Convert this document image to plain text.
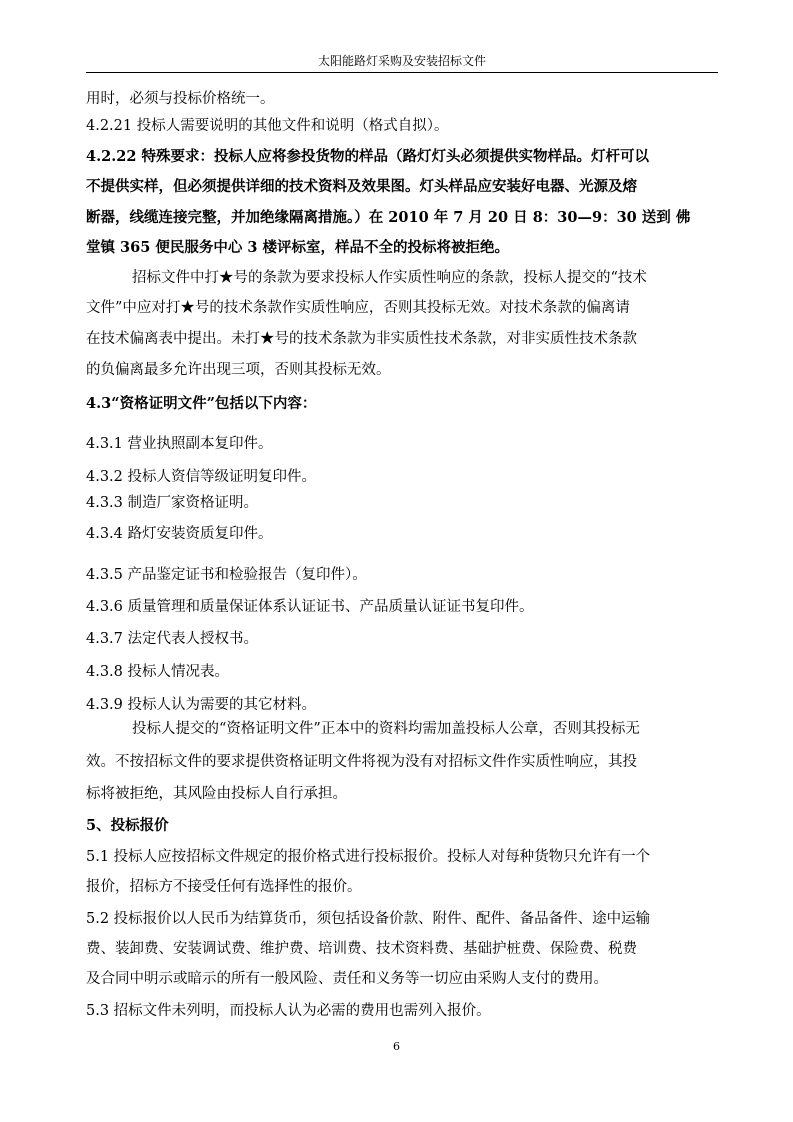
太阳能路灯采购及安装招标文件
用时，必须与投标价格统一。
4.2.21 投标人需要说明的其他文件和说明（格式自拟）。
4.2.22 特殊要求：投标人应将参投货物的样品（路灯灯头必须提供实物样品。灯杆可以
不提供实样，但必须提供详细的技术资料及效果图。灯头样品应安装好电器、光源及熔
断器，线缆连接完整，并加绝缘隔离措施。）在 2010 年 7 月 20 日 8：30—9：30 送到 佛
堂镇 365 便民服务中心 3 楼评标室，样品不全的投标将被拒绝。
招标文件中打★号的条款为要求投标人作实质性响应的条款，投标人提交的“技术
文件”中应对打★号的技术条款作实质性响应，否则其投标无效。对技术条款的偏离请
在技术偏离表中提出。未打★号的技术条款为非实质性技术条款，对非实质性技术条款
的负偏离最多允许出现三项，否则其投标无效。
4.3“资格证明文件”包括以下内容：
4.3.1 营业执照副本复印件。
4.3.2 投标人资信等级证明复印件。
4.3.3 制造厂家资格证明。
4.3.4 路灯安装资质复印件。
4.3.5 产品鉴定证书和检验报告（复印件）。
4.3.6 质量管理和质量保证体系认证证书、产品质量认证证书复印件。
4.3.7 法定代表人授权书。
4.3.8 投标人情况表。
4.3.9 投标人认为需要的其它材料。
投标人提交的“资格证明文件”正本中的资料均需加盖投标人公章，否则其投标无
效。不按招标文件的要求提供资格证明文件将视为没有对招标文件作实质性响应，其投
标将被拒绝，其风险由投标人自行承担。
5、投标报价
5.1 投标人应按招标文件规定的报价格式进行投标报价。投标人对每种货物只允许有一个
报价，招标方不接受任何有选择性的报价。
5.2 投标报价以人民币为结算货币，须包括设备价款、附件、配件、备品备件、途中运输
费、装卸费、安装调试费、维护费、培训费、技术资料费、基础护桩费、保险费、税费
及合同中明示或暗示的所有一般风险、责任和义务等一切应由采购人支付的费用。
5.3 招标文件未列明，而投标人认为必需的费用也需列入报价。
6
